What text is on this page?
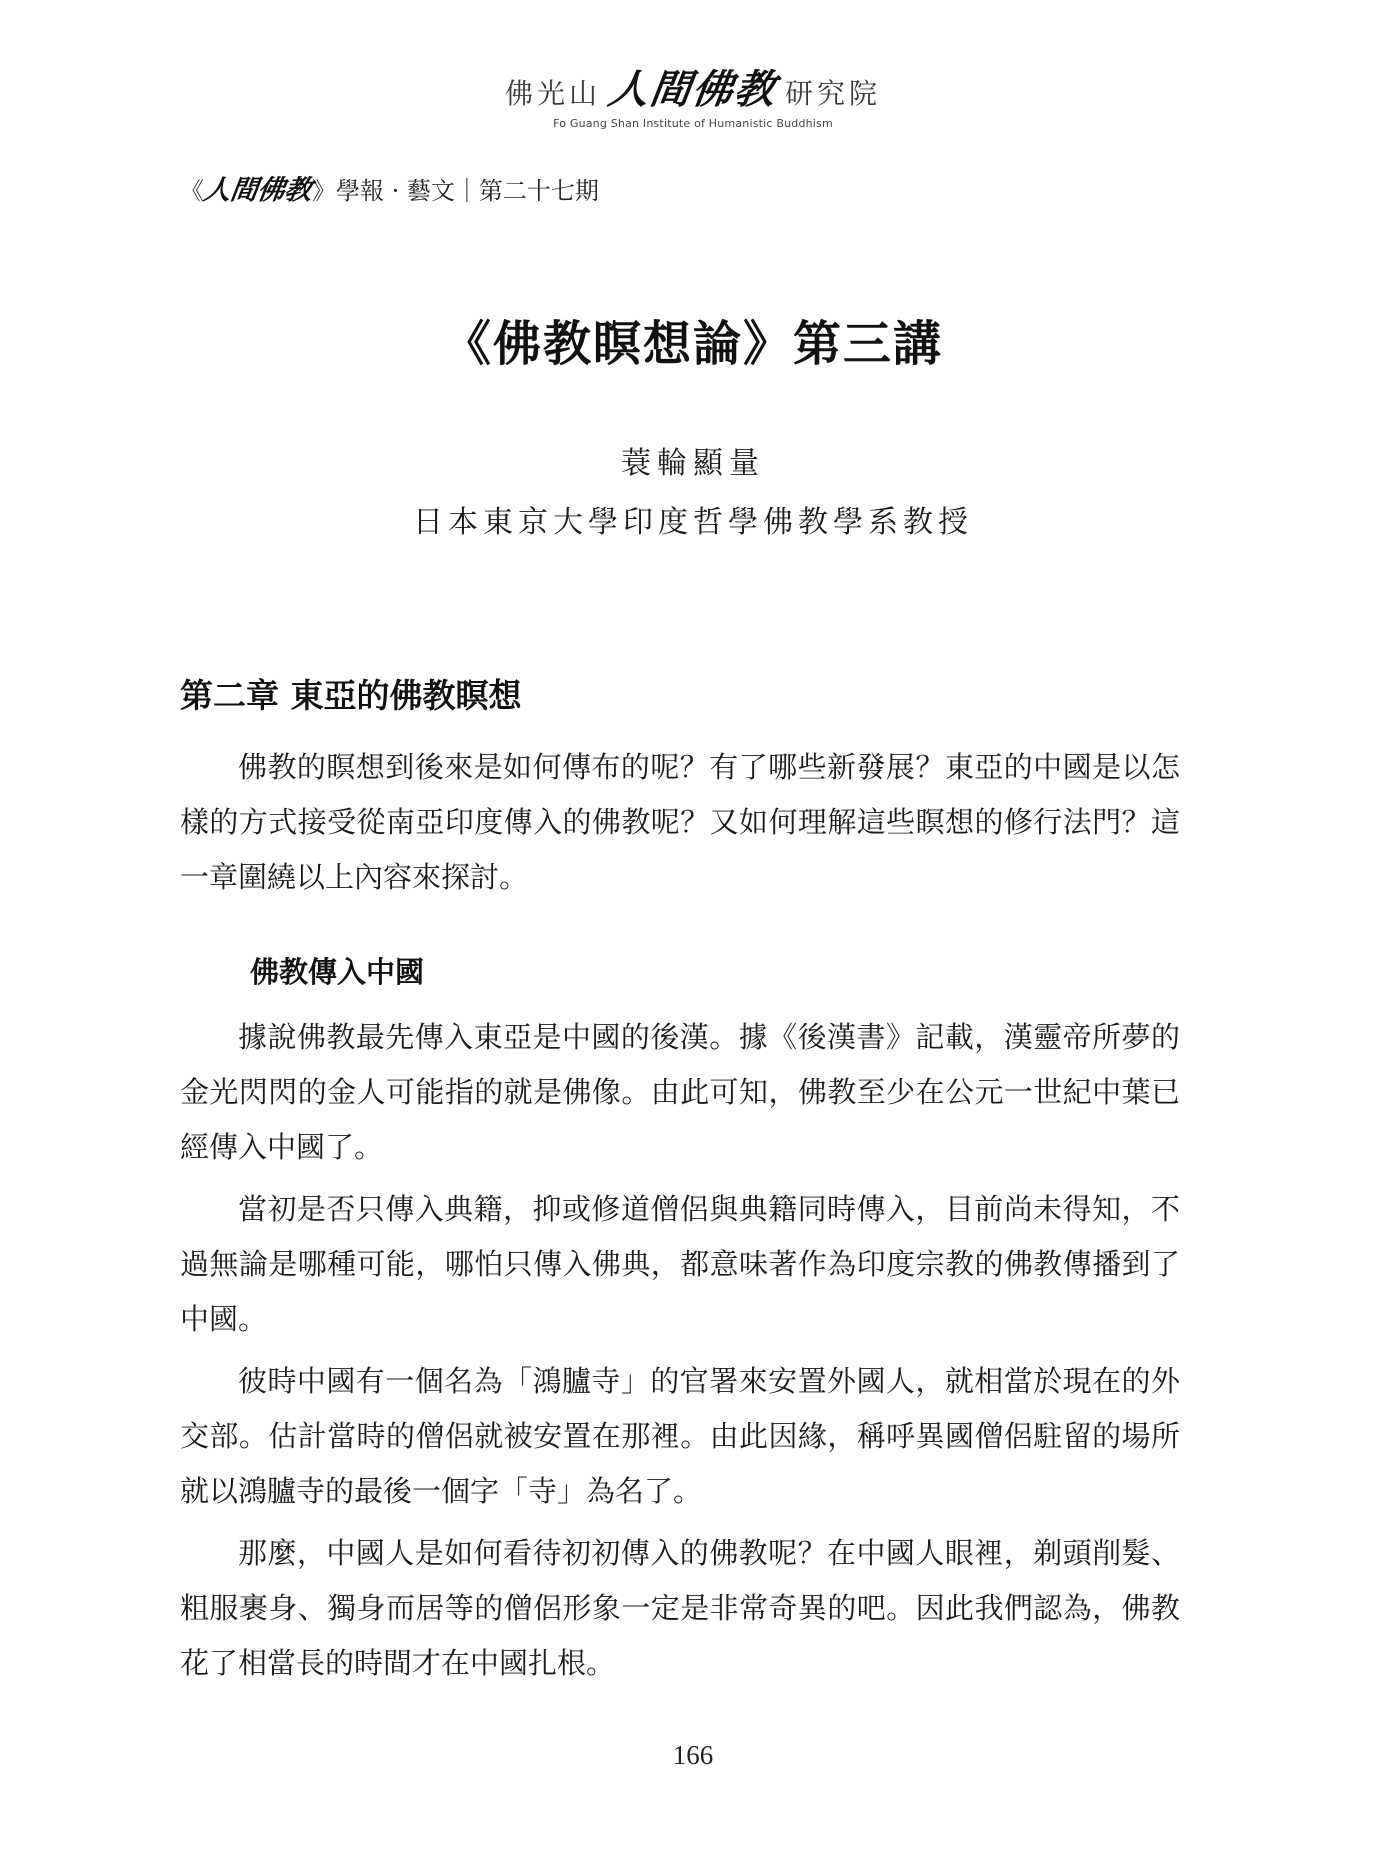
佛光山 人間佛教 研究院
Fo Guang Shan Institute of Humanistic Buddhism
《
人間佛教
》學報 · 藝文｜第二十七期
《佛教瞑想論》第三講
蓑輪顯量
日本東京大學印度哲學佛教學系教授
第二章 東亞的佛教瞑想
佛教的瞑想到後來是如何傳布的呢？有了哪些新發展？東亞的中國是以怎樣的方式接受從南亞印度傳入的佛教呢？又如何理解這些瞑想的修行法門？這一章圍繞以上內容來探討。
佛教傳入中國
據說佛教最先傳入東亞是中國的後漢。據《後漢書》記載，漢靈帝所夢的金光閃閃的金人可能指的就是佛像。由此可知，佛教至少在公元一世紀中葉已經傳入中國了。
當初是否只傳入典籍，抑或修道僧侶與典籍同時傳入，目前尚未得知，不過無論是哪種可能，哪怕只傳入佛典，都意味著作為印度宗教的佛教傳播到了中國。
彼時中國有一個名為「鴻臚寺」的官署來安置外國人，就相當於現在的外交部。估計當時的僧侶就被安置在那裡。由此因緣，稱呼異國僧侶駐留的場所就以鴻臚寺的最後一個字「寺」為名了。
那麼，中國人是如何看待初初傳入的佛教呢？在中國人眼裡，剃頭削髮、粗服裹身、獨身而居等的僧侶形象一定是非常奇異的吧。因此我們認為，佛教花了相當長的時間才在中國扎根。
166
